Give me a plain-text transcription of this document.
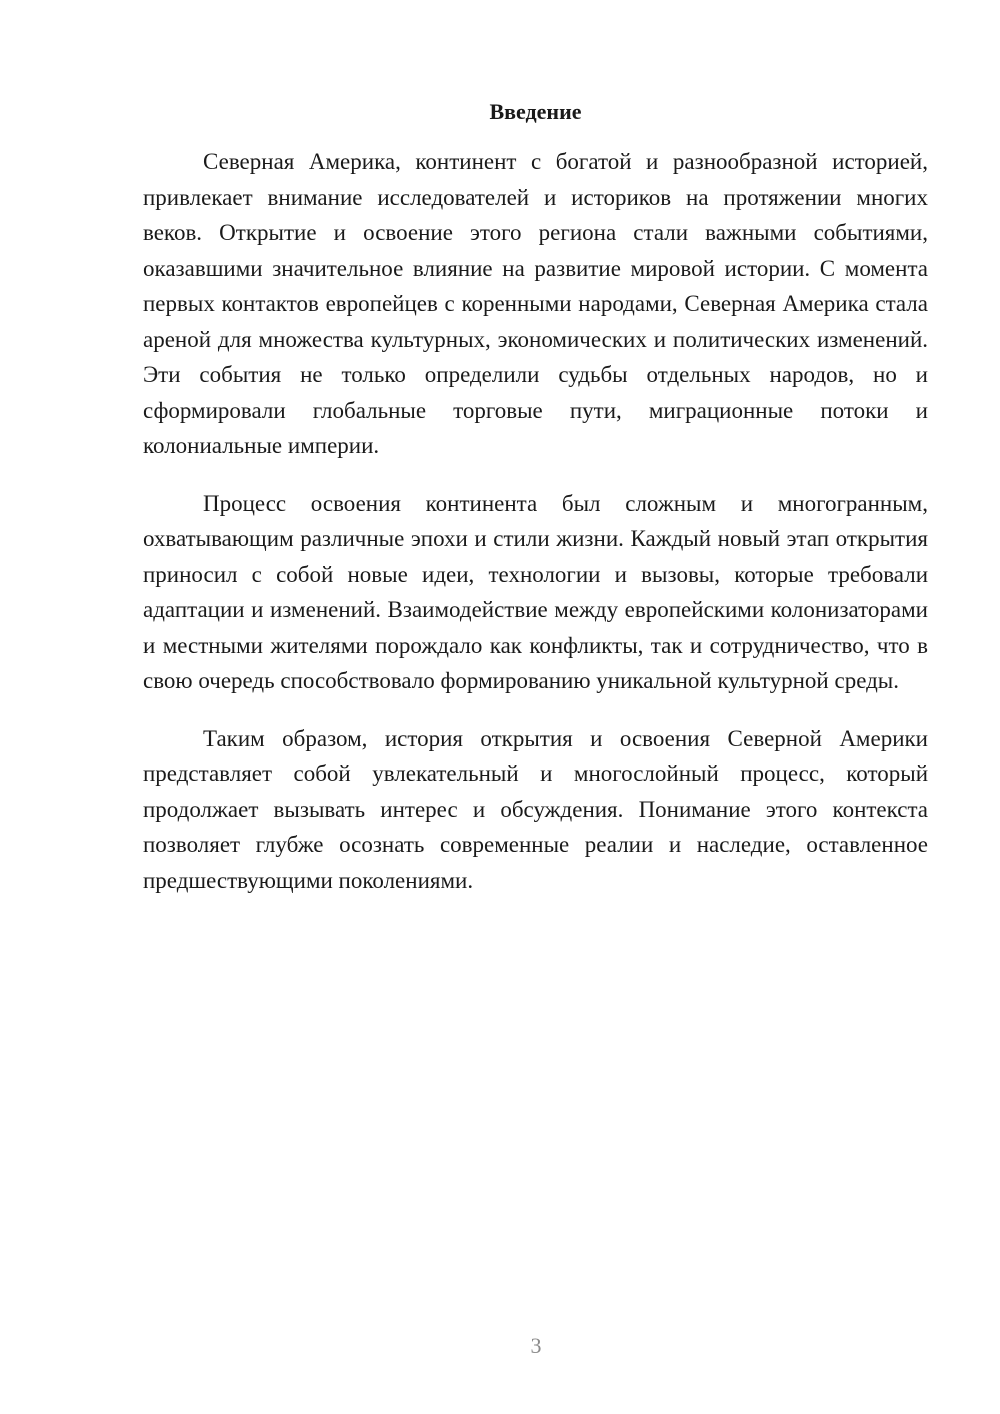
Введение

Северная Америка, континент с богатой и разнообразной историей, привлекает внимание исследователей и историков на протяжении многих веков. Открытие и освоение этого региона стали важными событиями, оказавшими значительное влияние на развитие мировой истории. С момента первых контактов европейцев с коренными народами, Северная Америка стала ареной для множества культурных, экономических и политических изменений. Эти события не только определили судьбы отдельных народов, но и сформировали глобальные торговые пути, миграционные потоки и колониальные империи.

Процесс освоения континента был сложным и многогранным, охватывающим различные эпохи и стили жизни. Каждый новый этап открытия приносил с собой новые идеи, технологии и вызовы, которые требовали адаптации и изменений. Взаимодействие между европейскими колонизаторами и местными жителями порождало как конфликты, так и сотрудничество, что в свою очередь способствовало формированию уникальной культурной среды.

Таким образом, история открытия и освоения Северной Америки представляет собой увлекательный и многослойный процесс, который продолжает вызывать интерес и обсуждения. Понимание этого контекста позволяет глубже осознать современные реалии и наследие, оставленное предшествующими поколениями.

3
